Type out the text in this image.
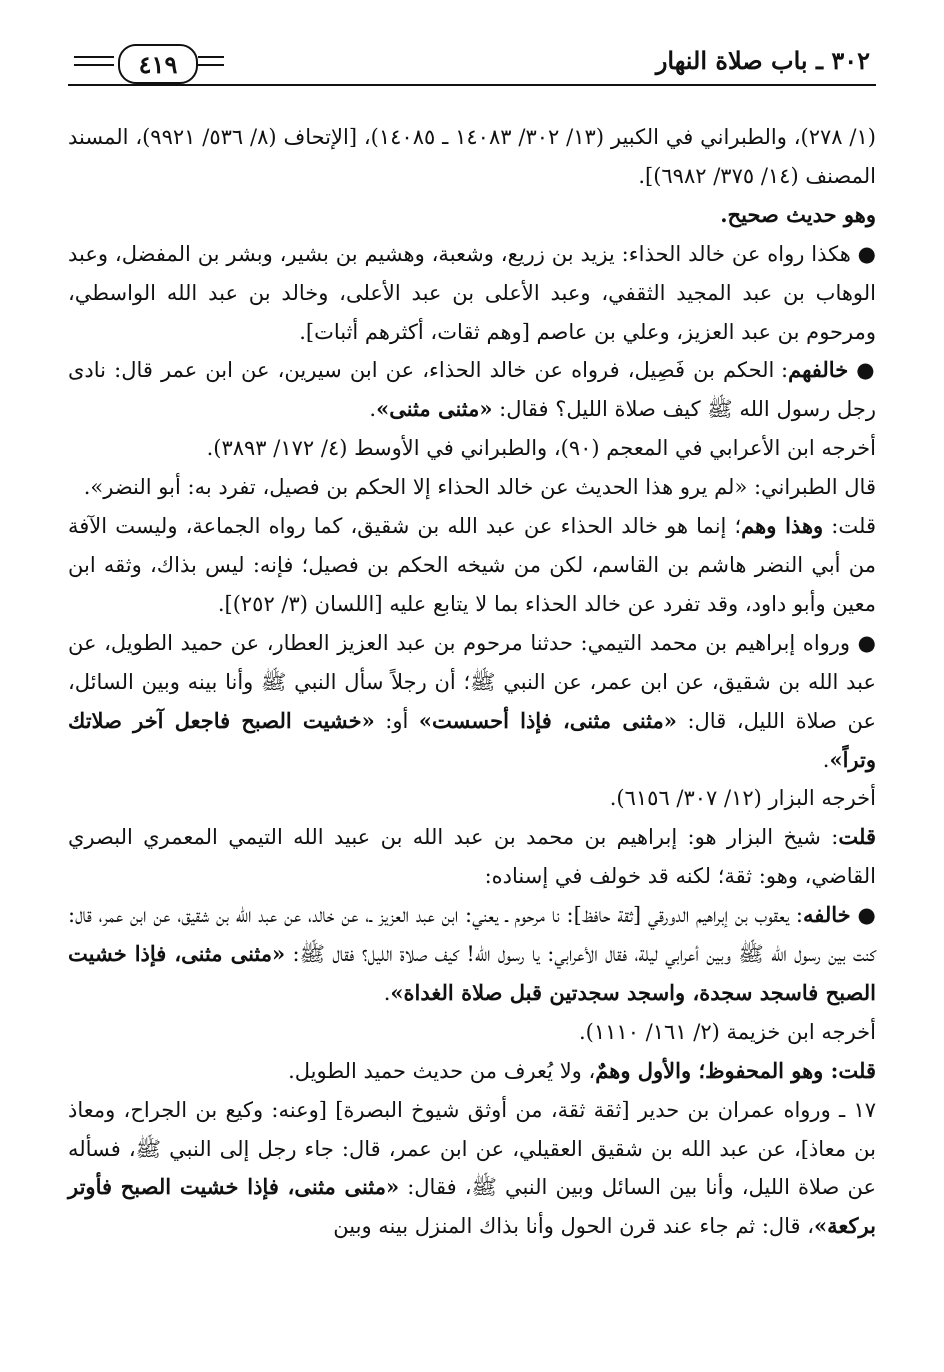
٣٠٢ ـ باب صلاة النهار
٤١٩

(١/ ٢٧٨)، والطبراني في الكبير (١٣/ ٣٠٢/ ١٤٠٨٣ ـ ١٤٠٨٥)، [الإتحاف (٨/ ٥٣٦/ ٩٩٢١)، المسند المصنف (١٤/ ٣٧٥/ ٦٩٨٢)].

وهو حديث صحيح.

● هكذا رواه عن خالد الحذاء: يزيد بن زريع، وشعبة، وهشيم بن بشير، وبشر بن المفضل، وعبد الوهاب بن عبد المجيد الثقفي، وعبد الأعلى بن عبد الأعلى، وخالد بن عبد الله الواسطي، ومرحوم بن عبد العزيز، وعلي بن عاصم [وهم ثقات، أكثرهم أثبات].

● خالفهم: الحكم بن فَصِيل، فرواه عن خالد الحذاء، عن ابن سيرين، عن ابن عمر قال: نادى رجل رسول الله ﷺ كيف صلاة الليل؟ فقال: «مثنى مثنى».

أخرجه ابن الأعرابي في المعجم (٩٠)، والطبراني في الأوسط (٤/ ١٧٢/ ٣٨٩٣).

قال الطبراني: «لم يرو هذا الحديث عن خالد الحذاء إلا الحكم بن فصيل، تفرد به: أبو النضر».

قلت: وهذا وهم؛ إنما هو خالد الحذاء عن عبد الله بن شقيق، كما رواه الجماعة، وليست الآفة من أبي النضر هاشم بن القاسم، لكن من شيخه الحكم بن فصيل؛ فإنه: ليس بذاك، وثقه ابن معين وأبو داود، وقد تفرد عن خالد الحذاء بما لا يتابع عليه [اللسان (٣/ ٢٥٢)].

● ورواه إبراهيم بن محمد التيمي: حدثنا مرحوم بن عبد العزيز العطار، عن حميد الطويل، عن عبد الله بن شقيق، عن ابن عمر، عن النبي ﷺ؛ أن رجلاً سأل النبي ﷺ وأنا بينه وبين السائل، عن صلاة الليل، قال: «مثنى مثنى، فإذا أحسست» أو: «خشيت الصبح فاجعل آخر صلاتك وتراً».

أخرجه البزار (١٢/ ٣٠٧/ ٦١٥٦).

قلت: شيخ البزار هو: إبراهيم بن محمد بن عبد الله بن عبيد الله التيمي المعمري البصري القاضي، وهو: ثقة؛ لكنه قد خولف في إسناده:

● خالفه: يعقوب بن إبراهيم الدورقي [ثقة حافظ]: نا مرحوم ـ يعني: ابن عبد العزيز ـ، عن خالد، عن عبد الله بن شقيق، عن ابن عمر، قال: كنت بين رسول الله ﷺ وبين أعرابي ليلة، فقال الأعرابي: يا رسول الله! كيف صلاة الليل؟ فقال ﷺ: «مثنى مثنى، فإذا خشيت الصبح فاسجد سجدة، واسجد سجدتين قبل صلاة الغداة».

أخرجه ابن خزيمة (٢/ ١٦١/ ١١١٠).

قلت: وهو المحفوظ؛ والأول وهمٌ، ولا يُعرف من حديث حميد الطويل.

١٧ ـ ورواه عمران بن حدير [ثقة ثقة، من أوثق شيوخ البصرة] [وعنه: وكيع بن الجراح، ومعاذ بن معاذ]، عن عبد الله بن شقيق العقيلي، عن ابن عمر، قال: جاء رجل إلى النبي ﷺ، فسأله عن صلاة الليل، وأنا بين السائل وبين النبي ﷺ، فقال: «مثنى مثنى، فإذا خشيت الصبح فأوتر بركعة»، قال: ثم جاء عند قرن الحول وأنا بذاك المنزل بينه وبين
